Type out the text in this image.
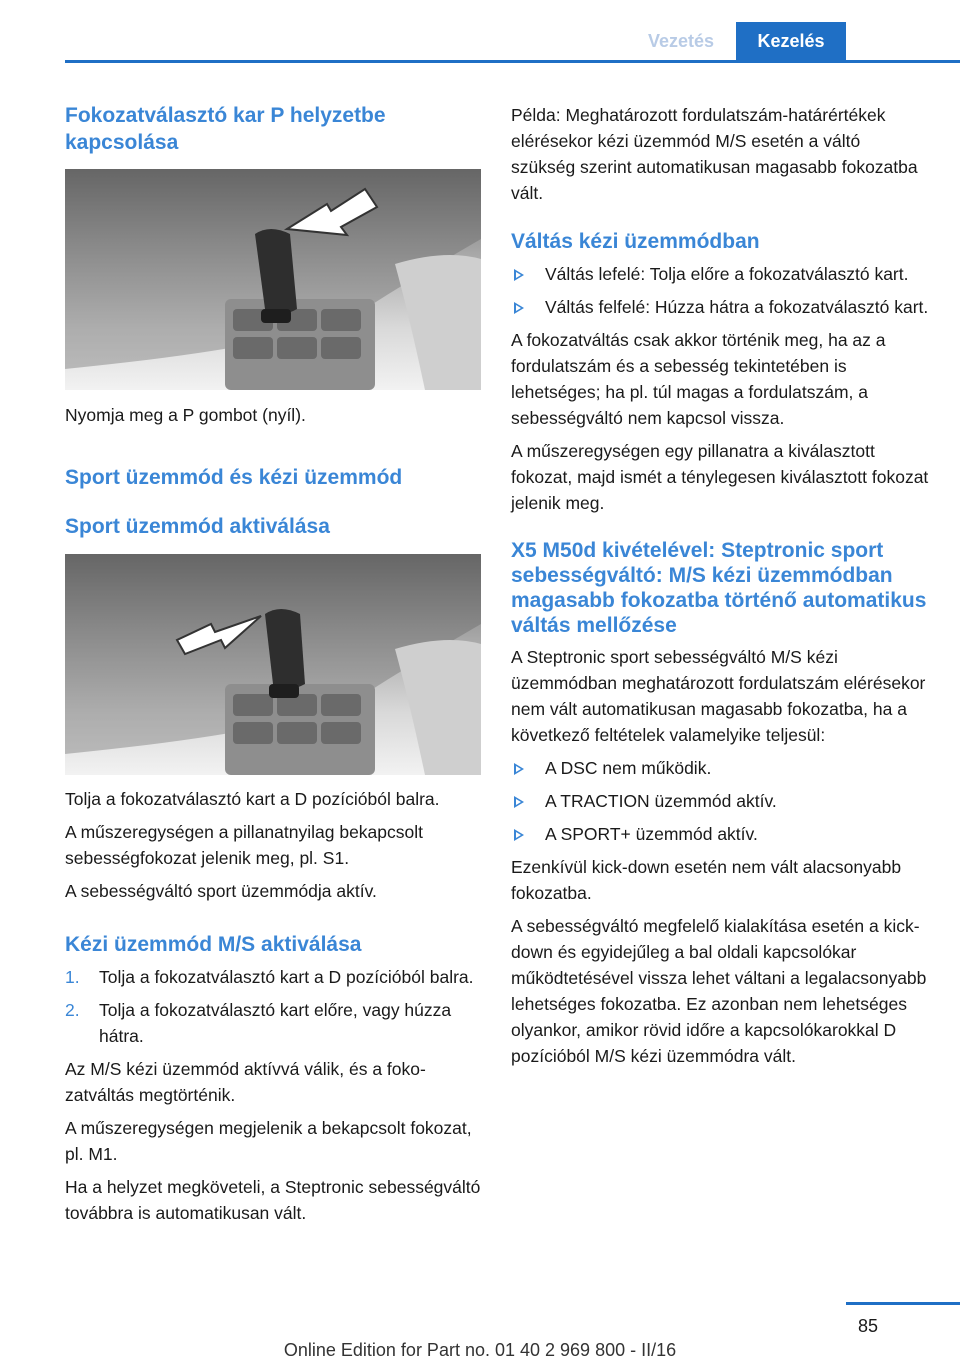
Vezetés	Kezelés
Fokozatválasztó kar P helyzetbe kapcsolása

Nyomja meg a P gombot (nyíl).

Sport üzemmód és kézi üzemmód
Sport üzemmód aktiválása

Tolja a fokozatválasztó kart a D pozícióból balra.

A műszeregységen a pillanatnyilag bekapcsolt sebességfokozat jelenik meg, pl. S1.

A sebességváltó sport üzemmódja aktív.

Kézi üzemmód M/S aktiválása
1.	Tolja a fokozatválasztó kart a D pozícióból balra.
2.	Tolja a fokozatválasztó kart előre, vagy húzza hátra.

Az M/S kézi üzemmód aktívvá válik, és a fokozatváltás megtörténik.

A műszeregységen megjelenik a bekapcsolt fokozat, pl. M1.

Ha a helyzet megköveteli, a Steptronic sebességváltó továbbra is automatikusan vált.

Példa: Meghatározott fordulatszám-határértékek elérésekor kézi üzemmód M/S esetén a váltó szükség szerint automatikusan magasabb fokozatba vált.

Váltás kézi üzemmódban
Váltás lefelé: Tolja előre a fokozatválasztó kart.
Váltás felfelé: Húzza hátra a fokozatválasztó kart.

A fokozatváltás csak akkor történik meg, ha az a fordulatszám és a sebesség tekintetében is lehetséges; ha pl. túl magas a fordulatszám, a sebességváltó nem kapcsol vissza.

A műszeregységen egy pillanatra a kiválasztott fokozat, majd ismét a ténylegesen kiválasztott fokozat jelenik meg.

X5 M50d kivételével: Steptronic sport sebességváltó: M/S kézi üzemmódban magasabb fokozatba történő automatikus váltás mellőzése

A Steptronic sport sebességváltó M/S kézi üzemmódban meghatározott fordulatszám elérésekor nem vált automatikusan magasabb fokozatba, ha a következő feltételek valamelyike teljesül:

A DSC nem működik.
A TRACTION üzemmód aktív.
A SPORT+ üzemmód aktív.

Ezenkívül kick-down esetén nem vált alacsonyabb fokozatba.

A sebességváltó megfelelő kialakítása esetén a kick-down és egyidejűleg a bal oldali kapcsolókar működtetésével vissza lehet váltani a legalacsonyabb lehetséges fokozatba. Ez azonban nem lehetséges olyankor, amikor rövid időre a kapcsolókarokkal D pozícióból M/S kézi üzemmódra vált.

85
Online Edition for Part no. 01 40 2 969 800 - II/16
